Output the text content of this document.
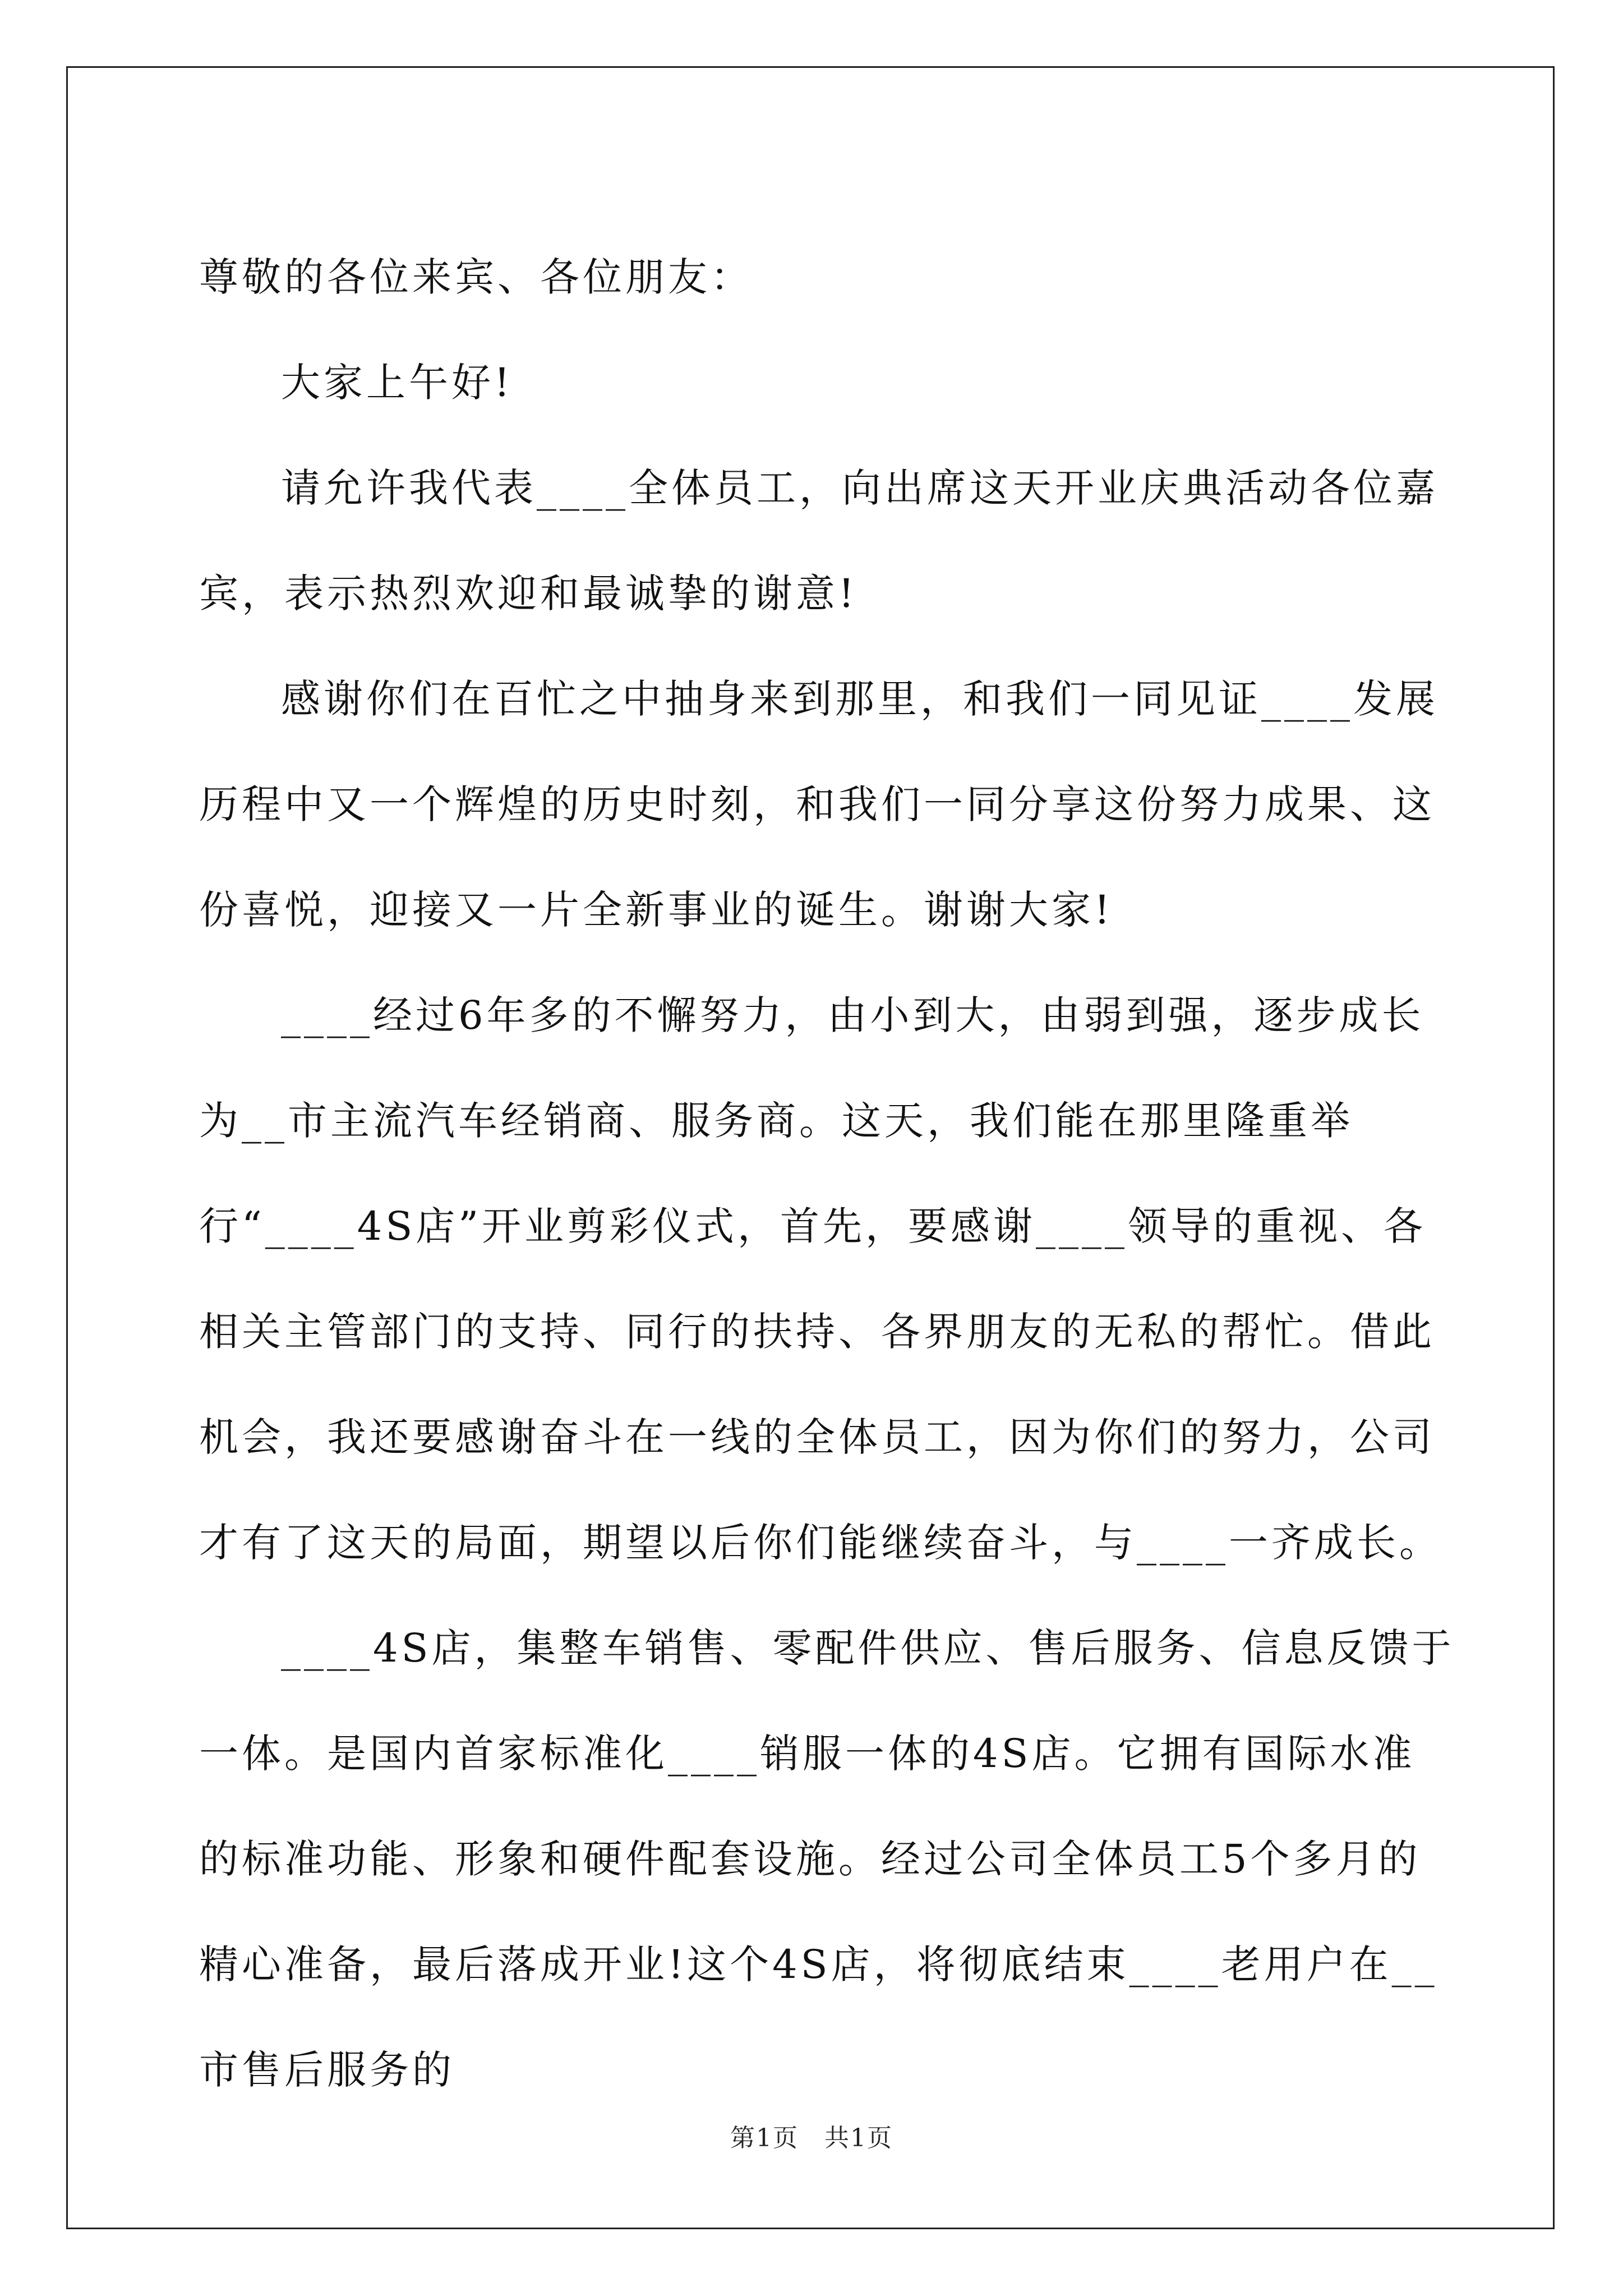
尊敬的各位来宾、各位朋友：

大家上午好!

请允许我代表____全体员工，向出席这天开业庆典活动各位嘉宾，表示热烈欢迎和最诚挚的谢意!

感谢你们在百忙之中抽身来到那里，和我们一同见证____发展历程中又一个辉煌的历史时刻，和我们一同分享这份努力成果、这份喜悦，迎接又一片全新事业的诞生。谢谢大家!

____经过6年多的不懈努力，由小到大，由弱到强，逐步成长为__市主流汽车经销商、服务商。这天，我们能在那里隆重举行“____4S店”开业剪彩仪式，首先，要感谢____领导的重视、各相关主管部门的支持、同行的扶持、各界朋友的无私的帮忙。借此机会，我还要感谢奋斗在一线的全体员工，因为你们的努力，公司才有了这天的局面，期望以后你们能继续奋斗，与____一齐成长。

____4S店，集整车销售、零配件供应、售后服务、信息反馈于一体。是国内首家标准化____销服一体的4S店。它拥有国际水准的标准功能、形象和硬件配套设施。经过公司全体员工5个多月的精心准备，最后落成开业!这个4S店，将彻底结束____老用户在__市售后服务的

第1页　共1页
